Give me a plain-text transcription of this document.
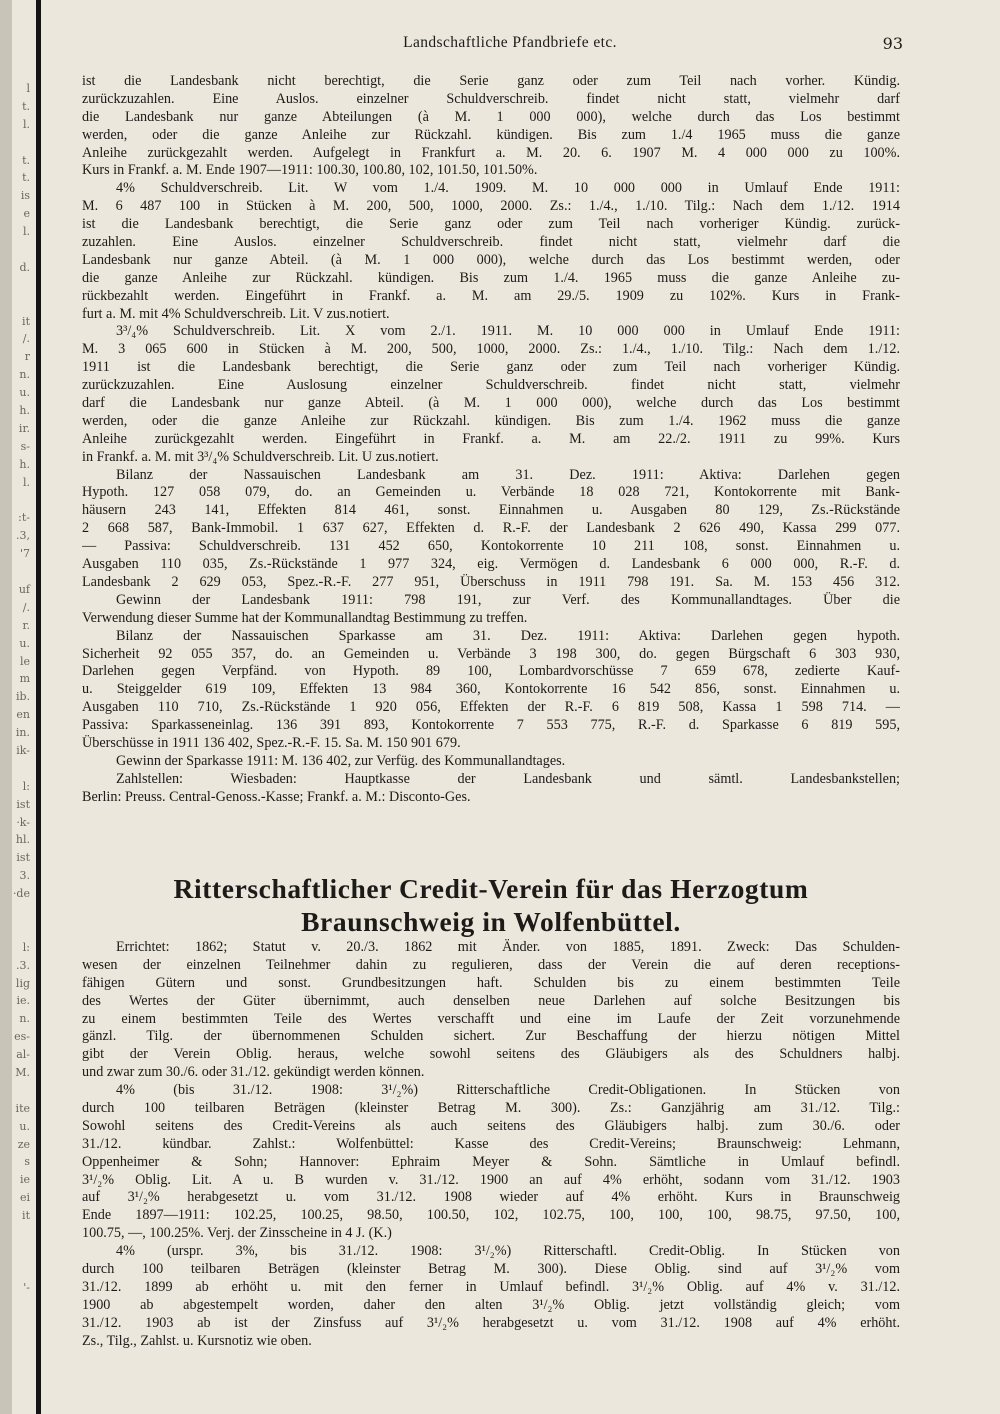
l
t.
l.
t.
t.
is
e
l.
d.
it
/.
r
n.
u.
h.
ir.
s-
h.
l.
:t-
.3,
'7
uf
/.
r.
u.
le
m
ib.
en
in.
ik-
l:
ist
·k-
hl.
ist
3.
·de
l:
.3.
lig
ie.
n.
es-
al-
M.
ite
u.
ze
s
ie
ei
it
'-
Landschaftliche Pfandbriefe etc.	93

ist die Landesbank nicht berechtigt, die Serie ganz oder zum Teil nach vorher. Kündig.

zurückzuzahlen. Eine Auslos. einzelner Schuldverschreib. findet nicht statt, vielmehr darf

die Landesbank nur ganze Abteilungen (à M. 1 000 000), welche durch das Los bestimmt

werden, oder die ganze Anleihe zur Rückzahl. kündigen. Bis zum 1./4 1965 muss die ganze

Anleihe zurückgezahlt werden. Aufgelegt in Frankfurt a. M. 20. 6. 1907 M. 4 000 000 zu 100%.

Kurs in Frankf. a. M. Ende 1907—1911: 100.30, 100.80, 102, 101.50, 101.50%.

4% Schuldverschreib. Lit. W vom 1./4. 1909. M. 10 000 000 in Umlauf Ende 1911:

M. 6 487 100 in Stücken à M. 200, 500, 1000, 2000. Zs.: 1./4., 1./10. Tilg.: Nach dem 1./12. 1914

ist die Landesbank berechtigt, die Serie ganz oder zum Teil nach vorheriger Kündig. zurück-

zuzahlen. Eine Auslos. einzelner Schuldverschreib. findet nicht statt, vielmehr darf die

Landesbank nur ganze Abteil. (à M. 1 000 000), welche durch das Los bestimmt werden, oder

die ganze Anleihe zur Rückzahl. kündigen. Bis zum 1./4. 1965 muss die ganze Anleihe zu-

rückbezahlt werden. Eingeführt in Frankf. a. M. am 29./5. 1909 zu 102%. Kurs in Frank-

furt a. M. mit 4% Schuldverschreib. Lit. V zus.notiert.

3³/₄% Schuldverschreib. Lit. X vom 2./1. 1911. M. 10 000 000 in Umlauf Ende 1911:

M. 3 065 600 in Stücken à M. 200, 500, 1000, 2000. Zs.: 1./4., 1./10. Tilg.: Nach dem 1./12.

1911 ist die Landesbank berechtigt, die Serie ganz oder zum Teil nach vorheriger Kündig.

zurückzuzahlen. Eine Auslosung einzelner Schuldverschreib. findet nicht statt, vielmehr

darf die Landesbank nur ganze Abteil. (à M. 1 000 000), welche durch das Los bestimmt

werden, oder die ganze Anleihe zur Rückzahl. kündigen. Bis zum 1./4. 1962 muss die ganze

Anleihe zurückgezahlt werden. Eingeführt in Frankf. a. M. am 22./2. 1911 zu 99%. Kurs

in Frankf. a. M. mit 3³/₄% Schuldverschreib. Lit. U zus.notiert.

Bilanz der Nassauischen Landesbank am 31. Dez. 1911: Aktiva: Darlehen gegen

Hypoth. 127 058 079, do. an Gemeinden u. Verbände 18 028 721, Kontokorrente mit Bank-

häusern 243 141, Effekten 814 461, sonst. Einnahmen u. Ausgaben 80 129, Zs.-Rückstände

2 668 587, Bank-Immobil. 1 637 627, Effekten d. R.-F. der Landesbank 2 626 490, Kassa 299 077.

— Passiva: Schuldverschreib. 131 452 650, Kontokorrente 10 211 108, sonst. Einnahmen u.

Ausgaben 110 035, Zs.-Rückstände 1 977 324, eig. Vermögen d. Landesbank 6 000 000, R.-F. d.

Landesbank 2 629 053, Spez.-R.-F. 277 951, Überschuss in 1911 798 191. Sa. M. 153 456 312.

Gewinn der Landesbank 1911: 798 191, zur Verf. des Kommunallandtages. Über die

Verwendung dieser Summe hat der Kommunallandtag Bestimmung zu treffen.

Bilanz der Nassauischen Sparkasse am 31. Dez. 1911: Aktiva: Darlehen gegen hypoth.

Sicherheit 92 055 357, do. an Gemeinden u. Verbände 3 198 300, do. gegen Bürgschaft 6 303 930,

Darlehen gegen Verpfänd. von Hypoth. 89 100, Lombardvorschüsse 7 659 678, zedierte Kauf-

u. Steiggelder 619 109, Effekten 13 984 360, Kontokorrente 16 542 856, sonst. Einnahmen u.

Ausgaben 110 710, Zs.-Rückstände 1 920 056, Effekten der R.-F. 6 819 508, Kassa 1 598 714. —

Passiva: Sparkasseneinlag. 136 391 893, Kontokorrente 7 553 775, R.-F. d. Sparkasse 6 819 595,

Überschüsse in 1911 136 402, Spez.-R.-F. 15. Sa. M. 150 901 679.

Gewinn der Sparkasse 1911: M. 136 402, zur Verfüg. des Kommunallandtages.

Zahlstellen: Wiesbaden: Hauptkasse der Landesbank und sämtl. Landesbankstellen;

Berlin: Preuss. Central-Genoss.-Kasse; Frankf. a. M.: Disconto-Ges.

Ritterschaftlicher Credit-Verein für das Herzogtum
Braunschweig in Wolfenbüttel.

Errichtet: 1862; Statut v. 20./3. 1862 mit Änder. von 1885, 1891. Zweck: Das Schulden-

wesen der einzelnen Teilnehmer dahin zu regulieren, dass der Verein die auf deren receptions-

fähigen Gütern und sonst. Grundbesitzungen haft. Schulden bis zu einem bestimmten Teile

des Wertes der Güter übernimmt, auch denselben neue Darlehen auf solche Besitzungen bis

zu einem bestimmten Teile des Wertes verschafft und eine im Laufe der Zeit vorzunehmende

gänzl. Tilg. der übernommenen Schulden sichert. Zur Beschaffung der hierzu nötigen Mittel

gibt der Verein Oblig. heraus, welche sowohl seitens des Gläubigers als des Schuldners halbj.

und zwar zum 30./6. oder 31./12. gekündigt werden können.

4% (bis 31./12. 1908: 3¹/₂%) Ritterschaftliche Credit-Obligationen. In Stücken von

durch 100 teilbaren Beträgen (kleinster Betrag M. 300). Zs.: Ganzjährig am 31./12. Tilg.:

Sowohl seitens des Credit-Vereins als auch seitens des Gläubigers halbj. zum 30./6. oder

31./12. kündbar. Zahlst.: Wolfenbüttel: Kasse des Credit-Vereins; Braunschweig: Lehmann,

Oppenheimer & Sohn; Hannover: Ephraim Meyer & Sohn. Sämtliche in Umlauf befindl.

3¹/₂% Oblig. Lit. A u. B wurden v. 31./12. 1900 an auf 4% erhöht, sodann vom 31./12. 1903

auf 3¹/₂% herabgesetzt u. vom 31./12. 1908 wieder auf 4% erhöht. Kurs in Braunschweig

Ende 1897—1911: 102.25, 100.25, 98.50, 100.50, 102, 102.75, 100, 100, 100, 98.75, 97.50, 100,

100.75, —, 100.25%. Verj. der Zinsscheine in 4 J. (K.)

4% (urspr. 3%, bis 31./12. 1908: 3¹/₂%) Ritterschaftl. Credit-Oblig. In Stücken von

durch 100 teilbaren Beträgen (kleinster Betrag M. 300). Diese Oblig. sind auf 3¹/₂% vom

31./12. 1899 ab erhöht u. mit den ferner in Umlauf befindl. 3¹/₂% Oblig. auf 4% v. 31./12.

1900 ab abgestempelt worden, daher den alten 3¹/₂% Oblig. jetzt vollständig gleich; vom

31./12. 1903 ab ist der Zinsfuss auf 3¹/₂% herabgesetzt u. vom 31./12. 1908 auf 4% erhöht.

Zs., Tilg., Zahlst. u. Kursnotiz wie oben.
